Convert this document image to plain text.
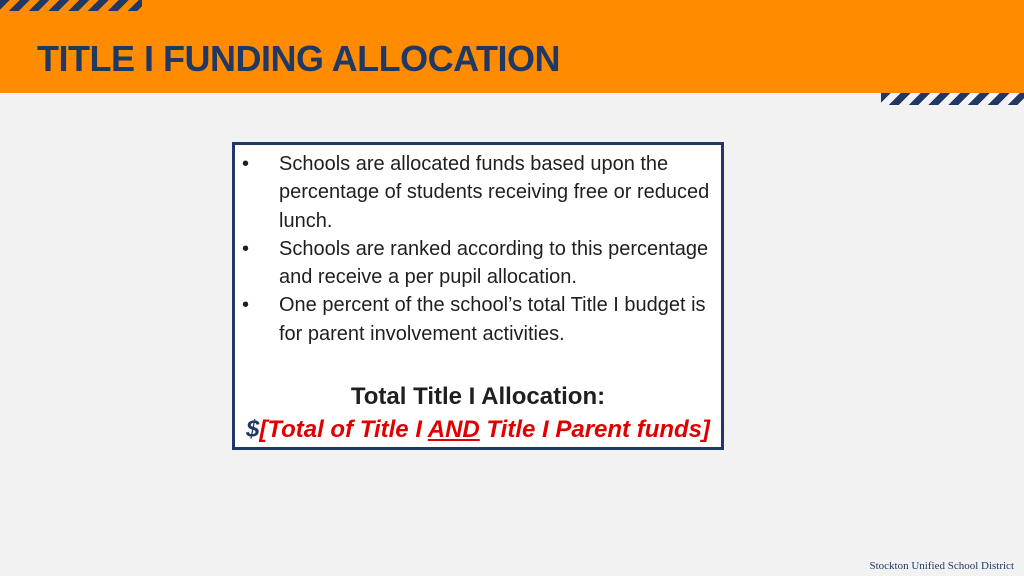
TITLE I FUNDING ALLOCATION
• Schools are allocated funds based upon the percentage of students receiving free or reduced lunch.
• Schools are ranked according to this percentage and receive a per pupil allocation.
• One percent of the school’s total Title I budget is for parent involvement activities.
Total Title I Allocation:
$[Total of Title I AND Title I Parent funds]
Stockton Unified School District
